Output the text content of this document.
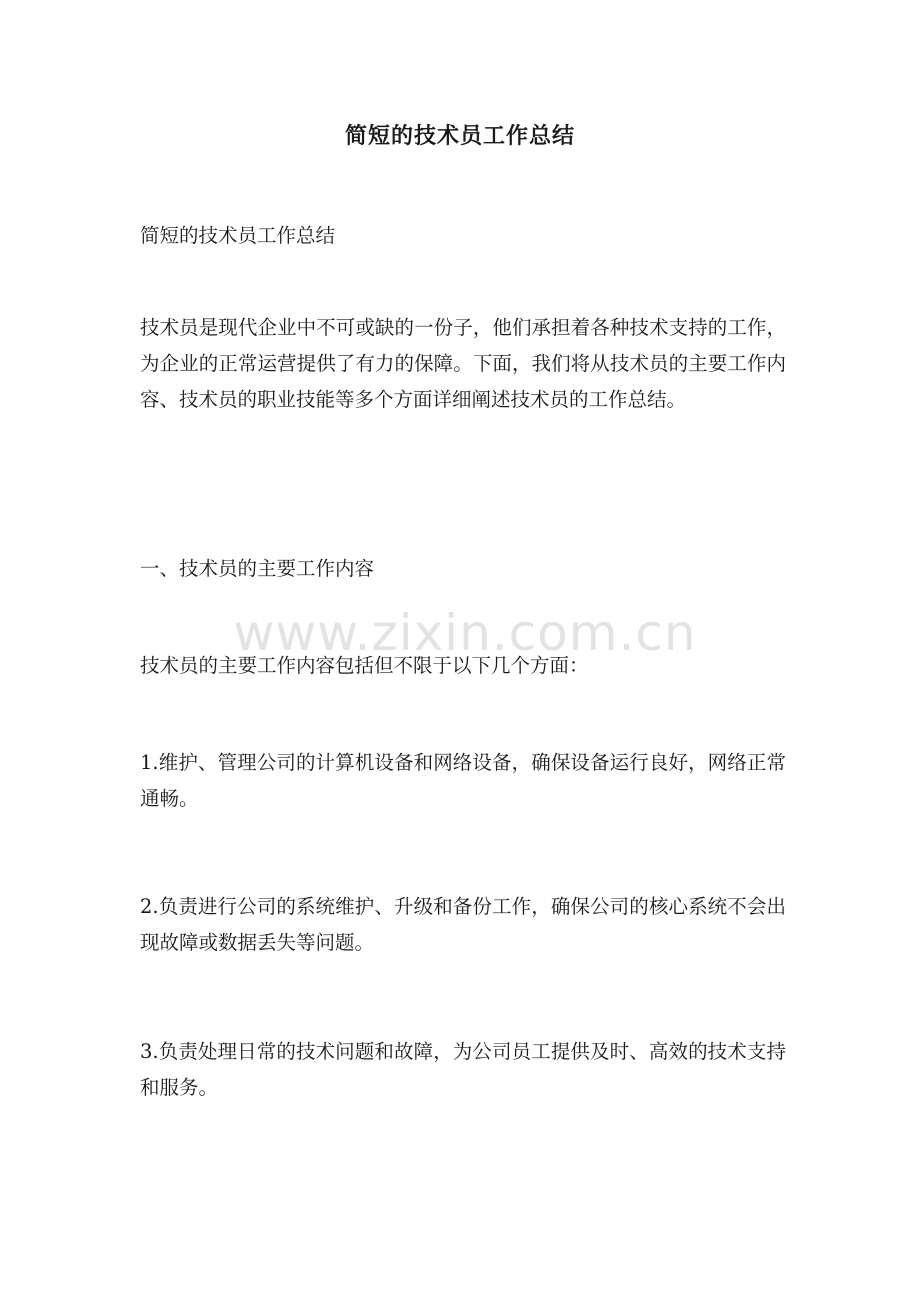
简短的技术员工作总结

简短的技术员工作总结

技术员是现代企业中不可或缺的一份子，他们承担着各种技术支持的工作，为企业的正常运营提供了有力的保障。下面，我们将从技术员的主要工作内容、技术员的职业技能等多个方面详细阐述技术员的工作总结。

一、技术员的主要工作内容

技术员的主要工作内容包括但不限于以下几个方面：

1.维护、管理公司的计算机设备和网络设备，确保设备运行良好，网络正常通畅。

2.负责进行公司的系统维护、升级和备份工作，确保公司的核心系统不会出现故障或数据丢失等问题。

3.负责处理日常的技术问题和故障，为公司员工提供及时、高效的技术支持和服务。

www.zixin.com.cn
